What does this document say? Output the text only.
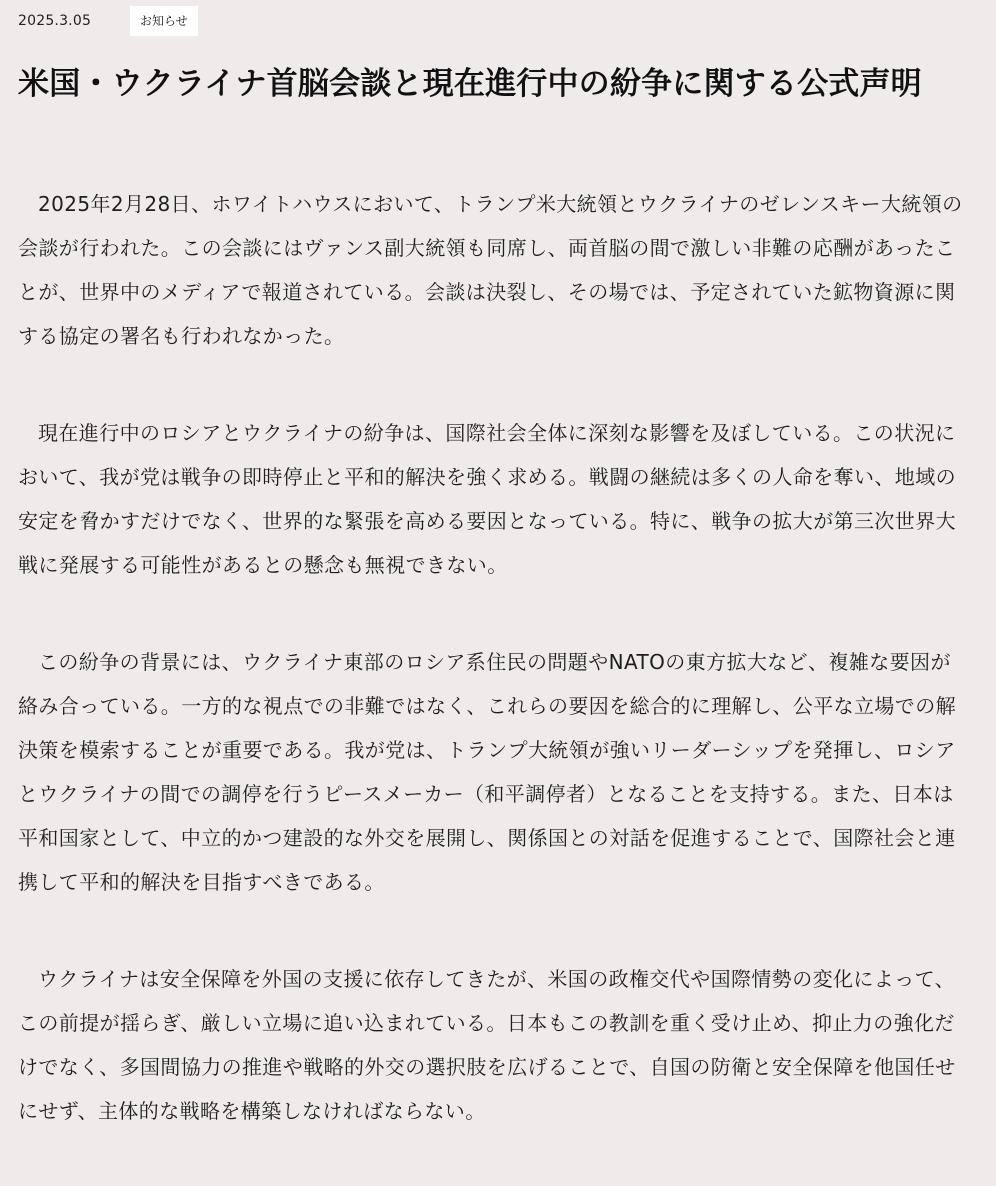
2025.3.05	お知らせ
米国・ウクライナ首脳会談と現在進行中の紛争に関する公式声明

2025年2月28日、ホワイトハウスにおいて、トランプ米大統領とウクライナのゼレンスキー大統領の会談が行われた。この会談にはヴァンス副大統領も同席し、両首脳の間で激しい非難の応酬があったことが、世界中のメディアで報道されている。会談は決裂し、その場では、予定されていた鉱物資源に関する協定の署名も行われなかった。

現在進行中のロシアとウクライナの紛争は、国際社会全体に深刻な影響を及ぼしている。この状況において、我が党は戦争の即時停止と平和的解決を強く求める。戦闘の継続は多くの人命を奪い、地域の安定を脅かすだけでなく、世界的な緊張を高める要因となっている。特に、戦争の拡大が第三次世界大戦に発展する可能性があるとの懸念も無視できない。

この紛争の背景には、ウクライナ東部のロシア系住民の問題やNATOの東方拡大など、複雑な要因が絡み合っている。一方的な視点での非難ではなく、これらの要因を総合的に理解し、公平な立場での解決策を模索することが重要である。我が党は、トランプ大統領が強いリーダーシップを発揮し、ロシアとウクライナの間での調停を行うピースメーカー（和平調停者）となることを支持する。また、日本は平和国家として、中立的かつ建設的な外交を展開し、関係国との対話を促進することで、国際社会と連携して平和的解決を目指すべきである。

ウクライナは安全保障を外国の支援に依存してきたが、米国の政権交代や国際情勢の変化によって、この前提が揺らぎ、厳しい立場に追い込まれている。日本もこの教訓を重く受け止め、抑止力の強化だけでなく、多国間協力の推進や戦略的外交の選択肢を広げることで、自国の防衛と安全保障を他国任せにせず、主体的な戦略を構築しなければならない。
